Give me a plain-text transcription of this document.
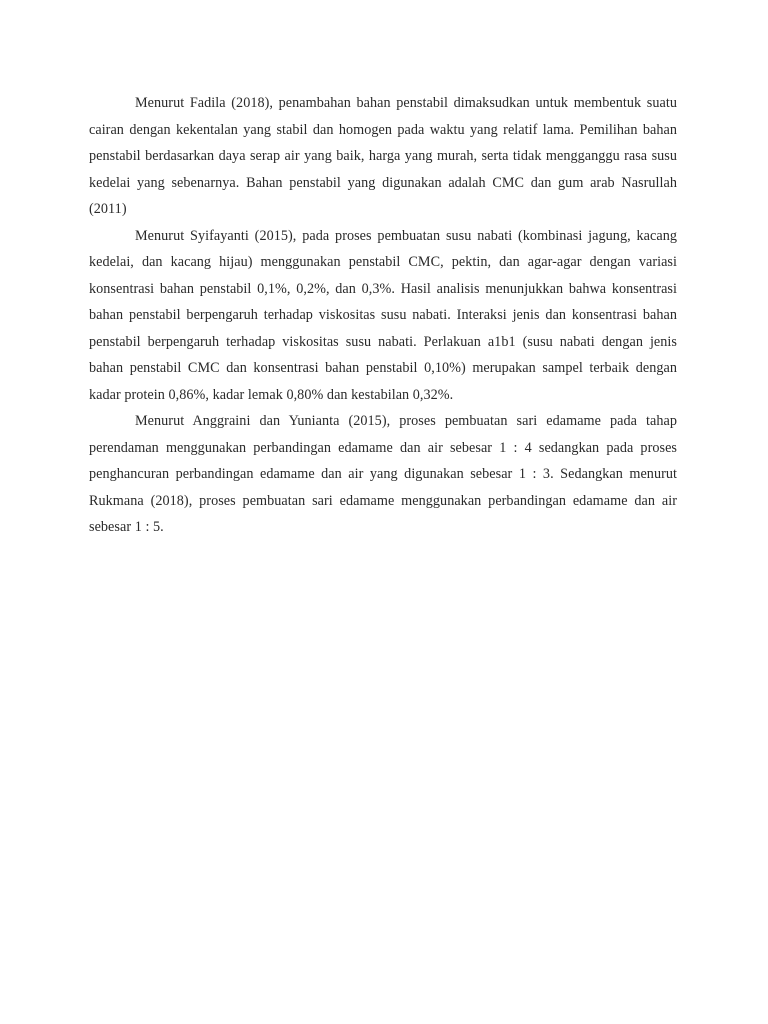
Menurut Fadila (2018), penambahan bahan penstabil dimaksudkan untuk membentuk suatu cairan dengan kekentalan yang stabil dan homogen pada waktu yang relatif lama. Pemilihan bahan penstabil berdasarkan daya serap air yang baik, harga yang murah, serta tidak mengganggu rasa susu kedelai yang sebenarnya. Bahan penstabil yang digunakan adalah CMC dan gum arab Nasrullah (2011)

Menurut Syifayanti (2015), pada proses pembuatan susu nabati (kombinasi jagung, kacang kedelai, dan kacang hijau) menggunakan penstabil CMC, pektin, dan agar-agar dengan variasi konsentrasi bahan penstabil 0,1%, 0,2%, dan 0,3%. Hasil analisis menunjukkan bahwa konsentrasi bahan penstabil berpengaruh terhadap viskositas susu nabati. Interaksi jenis dan konsentrasi bahan penstabil berpengaruh terhadap viskositas susu nabati. Perlakuan a1b1 (susu nabati dengan jenis bahan penstabil CMC dan konsentrasi bahan penstabil 0,10%) merupakan sampel terbaik dengan kadar protein 0,86%, kadar lemak 0,80% dan kestabilan 0,32%.

Menurut Anggraini dan Yunianta (2015), proses pembuatan sari edamame pada tahap perendaman menggunakan perbandingan edamame dan air sebesar 1 : 4 sedangkan pada proses penghancuran perbandingan edamame dan air yang digunakan sebesar 1 : 3. Sedangkan menurut Rukmana (2018), proses pembuatan sari edamame menggunakan perbandingan edamame dan air sebesar 1 : 5.
